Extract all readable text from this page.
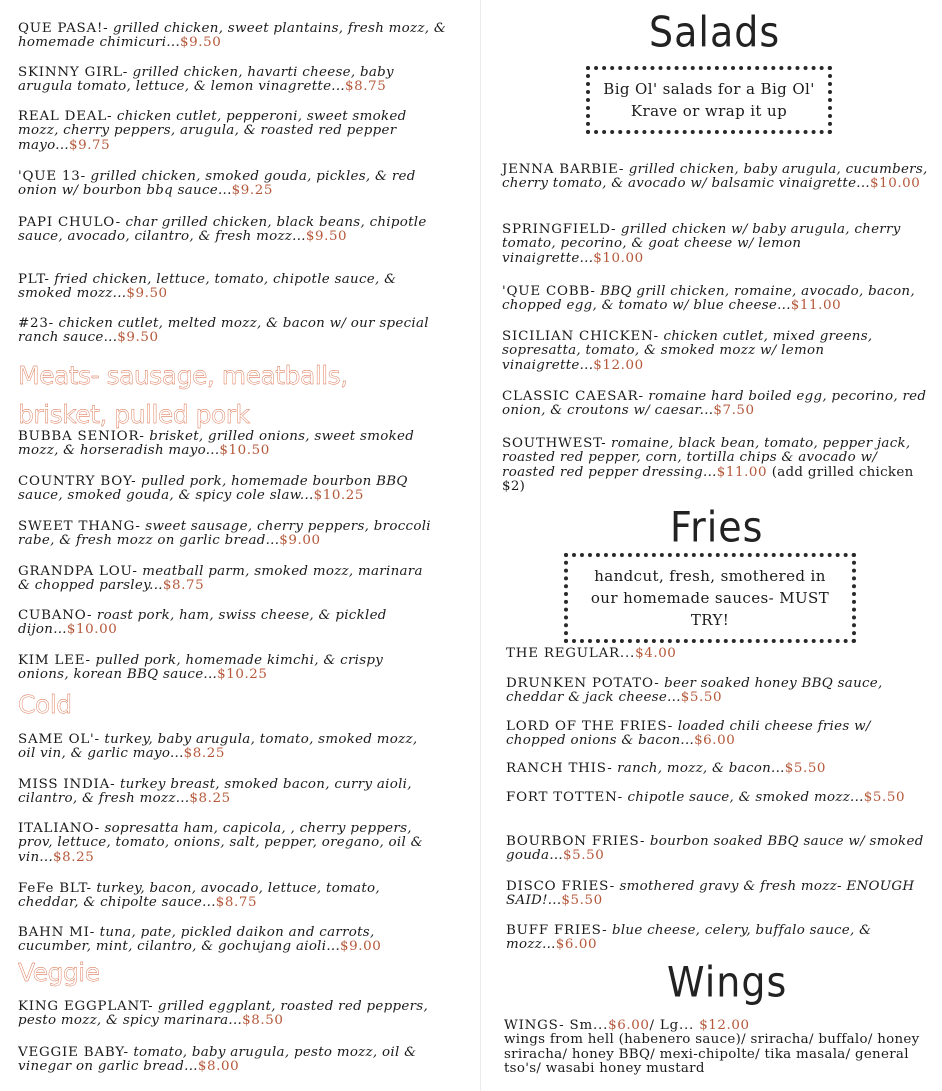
QUE PASA!- grilled chicken, sweet plantains, fresh mozz, & homemade chimicuri...$9.50
SKINNY GIRL- grilled chicken, havarti cheese, baby arugula tomato, lettuce, & lemon vinagrette...$8.75
REAL DEAL- chicken cutlet, pepperoni, sweet smoked mozz, cherry peppers, arugula, & roasted red pepper mayo...$9.75
'QUE 13- grilled chicken, smoked gouda, pickles, & red onion w/ bourbon bbq sauce...$9.25
PAPI CHULO- char grilled chicken, black beans, chipotle sauce, avocado, cilantro, & fresh mozz...$9.50
PLT- fried chicken, lettuce, tomato, chipotle sauce, & smoked mozz...$9.50
#23- chicken cutlet, melted mozz, & bacon w/ our special ranch sauce...$9.50
Meats- sausage, meatballs, brisket, pulled pork
BUBBA SENIOR- brisket, grilled onions, sweet smoked mozz, & horseradish mayo...$10.50
COUNTRY BOY- pulled pork, homemade bourbon BBQ sauce, smoked gouda, & spicy cole slaw...$10.25
SWEET THANG- sweet sausage, cherry peppers, broccoli rabe, & fresh mozz on garlic bread...$9.00
GRANDPA LOU- meatball parm, smoked mozz, marinara & chopped parsley...$8.75
CUBANO- roast pork, ham, swiss cheese, & pickled dijon...$10.00
KIM LEE- pulled pork, homemade kimchi, & crispy onions, korean BBQ sauce...$10.25
Cold
SAME OL'- turkey, baby arugula, tomato, smoked mozz, oil vin, & garlic mayo...$8.25
MISS INDIA- turkey breast, smoked bacon, curry aioli, cilantro, & fresh mozz...$8.25
ITALIANO- sopresatta ham, capicola, , cherry peppers, prov, lettuce, tomato, onions, salt, pepper, oregano, oil & vin...$8.25
FeFe BLT- turkey, bacon, avocado, lettuce, tomato, cheddar, & chipolte sauce...$8.75
BAHN MI- tuna, pate, pickled daikon and carrots, cucumber, mint, cilantro, & gochujang aioli...$9.00
Veggie
KING EGGPLANT- grilled eggplant, roasted red peppers, pesto mozz, & spicy marinara...$8.50
VEGGIE BABY- tomato, baby arugula, pesto mozz, oil & vinegar on garlic bread...$8.00
Salads
Big Ol' salads for a Big Ol' Krave or wrap it up
JENNA BARBIE- grilled chicken, baby arugula, cucumbers, cherry tomato, & avocado w/ balsamic vinaigrette...$10.00
SPRINGFIELD- grilled chicken w/ baby arugula, cherry tomato, pecorino, & goat cheese w/ lemon vinaigrette...$10.00
'QUE COBB- BBQ grill chicken, romaine, avocado, bacon, chopped egg, & tomato w/ blue cheese...$11.00
SICILIAN CHICKEN- chicken cutlet, mixed greens, sopresatta, tomato, & smoked mozz w/ lemon vinaigrette...$12.00
CLASSIC CAESAR- romaine hard boiled egg, pecorino, red onion, & croutons w/ caesar...$7.50
SOUTHWEST- romaine, black bean, tomato, pepper jack, roasted red pepper, corn, tortilla chips & avocado w/ roasted red pepper dressing...$11.00 (add grilled chicken $2)
Fries
handcut, fresh, smothered in our homemade sauces- MUST TRY!
THE REGULAR...$4.00
DRUNKEN POTATO- beer soaked honey BBQ sauce, cheddar & jack cheese...$5.50
LORD OF THE FRIES- loaded chili cheese fries w/ chopped onions & bacon...$6.00
RANCH THIS- ranch, mozz, & bacon...$5.50
FORT TOTTEN- chipotle sauce, & smoked mozz...$5.50
BOURBON FRIES- bourbon soaked BBQ sauce w/ smoked gouda...$5.50
DISCO FRIES- smothered gravy & fresh mozz- ENOUGH SAID!...$5.50
BUFF FRIES- blue cheese, celery, buffalo sauce, & mozz...$6.00
Wings
WINGS- Sm...$6.00/ Lg... $12.00
wings from hell (habenero sauce)/ sriracha/ buffalo/ honey sriracha/ honey BBQ/ mexi-chipolte/ tika masala/ general tso's/ wasabi honey mustard
